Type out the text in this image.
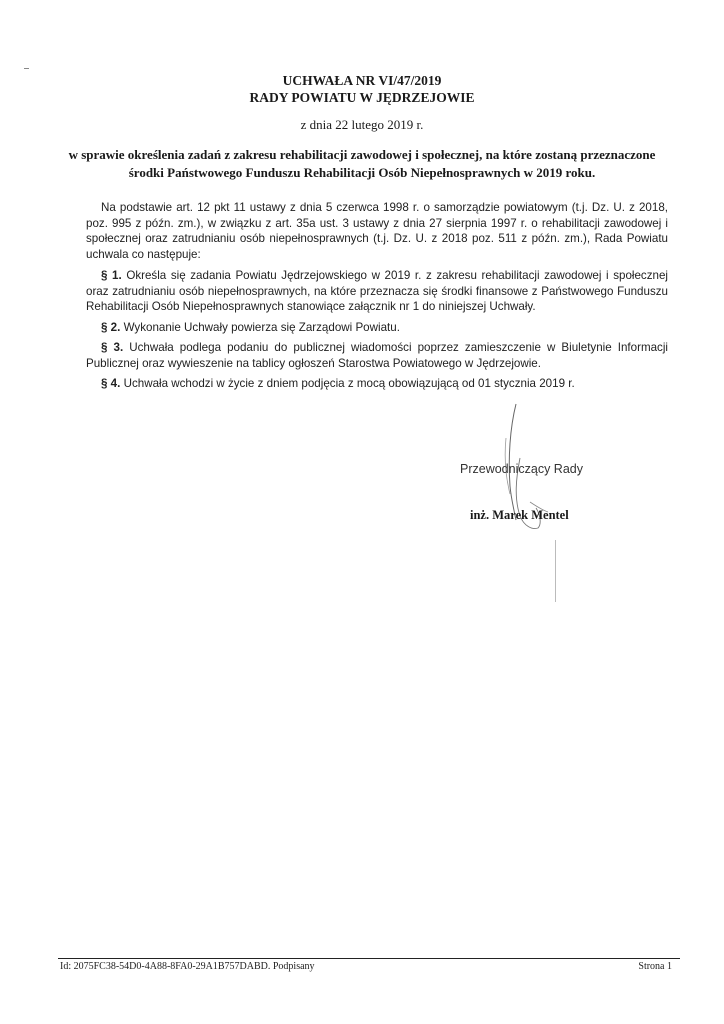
UCHWAŁA NR VI/47/2019
RADY POWIATU W JĘDRZEJOWIE
z dnia 22 lutego 2019 r.
w sprawie określenia zadań z zakresu rehabilitacji zawodowej i społecznej, na które zostaną przeznaczone środki Państwowego Funduszu Rehabilitacji Osób Niepełnosprawnych w 2019 roku.
Na podstawie art. 12 pkt 11 ustawy z dnia 5 czerwca 1998 r. o samorządzie powiatowym (t.j. Dz. U. z 2018, poz. 995 z późn. zm.), w związku z art. 35a ust. 3 ustawy z dnia 27 sierpnia 1997 r. o rehabilitacji zawodowej i społecznej oraz zatrudnianiu osób niepełnosprawnych (t.j. Dz. U. z 2018 poz. 511 z późn. zm.), Rada Powiatu uchwala co następuje:
§ 1. Określa się zadania Powiatu Jędrzejowskiego w 2019 r. z zakresu rehabilitacji zawodowej i społecznej oraz zatrudnianiu osób niepełnosprawnych, na które przeznacza się środki finansowe z Państwowego Funduszu Rehabilitacji Osób Niepełnosprawnych stanowiące załącznik nr 1 do niniejszej Uchwały.
§ 2. Wykonanie Uchwały powierza się Zarządowi Powiatu.
§ 3. Uchwała podlega podaniu do publicznej wiadomości poprzez zamieszczenie w Biuletynie Informacji Publicznej oraz wywieszenie na tablicy ogłoszeń Starostwa Powiatowego w Jędrzejowie.
§ 4. Uchwała wchodzi w życie z dniem podjęcia z mocą obowiązującą od 01 stycznia 2019 r.
Przewodniczący Rady
inż. Marek Mentel
Id: 2075FC38-54D0-4A88-8FA0-29A1B757DABD. Podpisany	Strona 1
